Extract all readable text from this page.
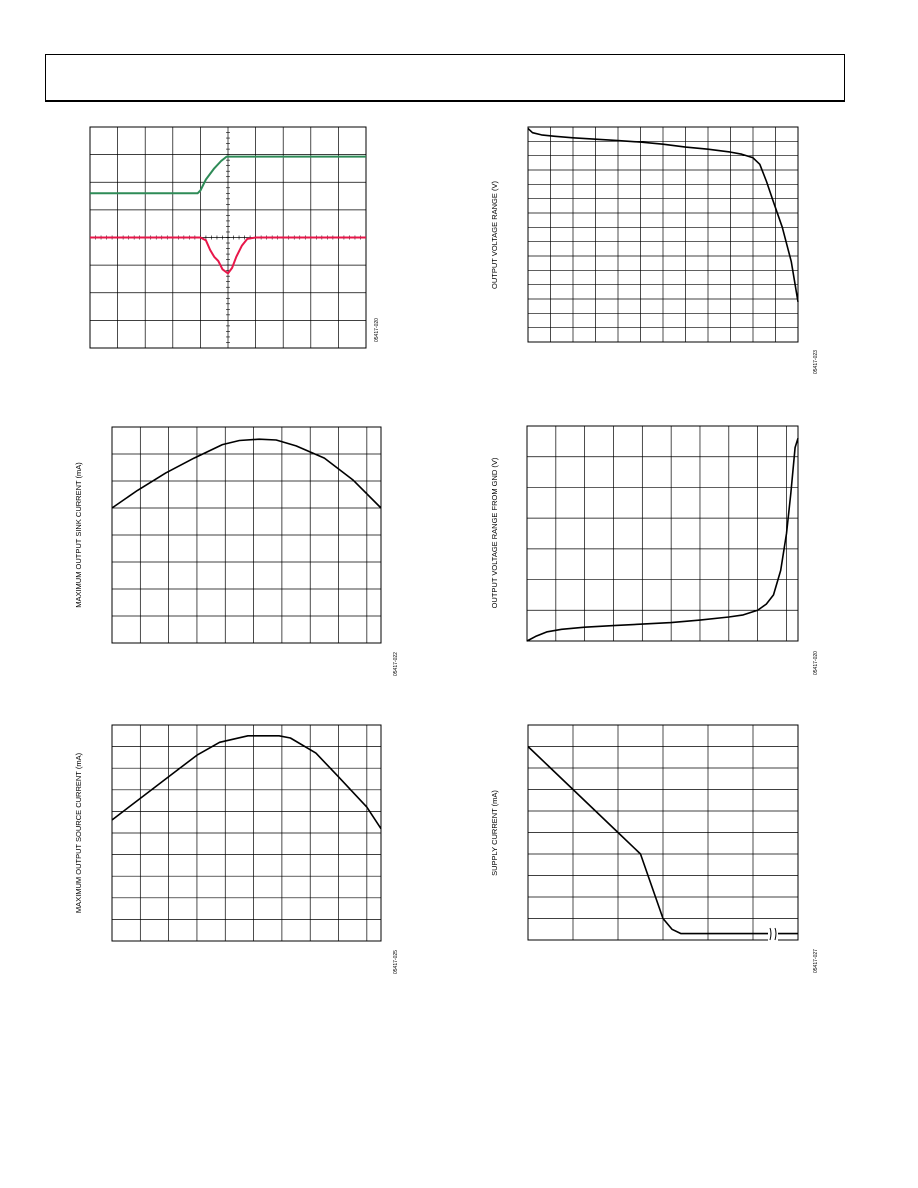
05417-020
OUTPUT VOLTAGE RANGE (V)
05417-023
MAXIMUM OUTPUT SINK CURRENT (mA)
05417-022
OUTPUT VOLTAGE RANGE FROM GND (V)
05417-020
MAXIMUM OUTPUT SOURCE CURRENT (mA)
05417-025
SUPPLY CURRENT (mA)
05417-027
